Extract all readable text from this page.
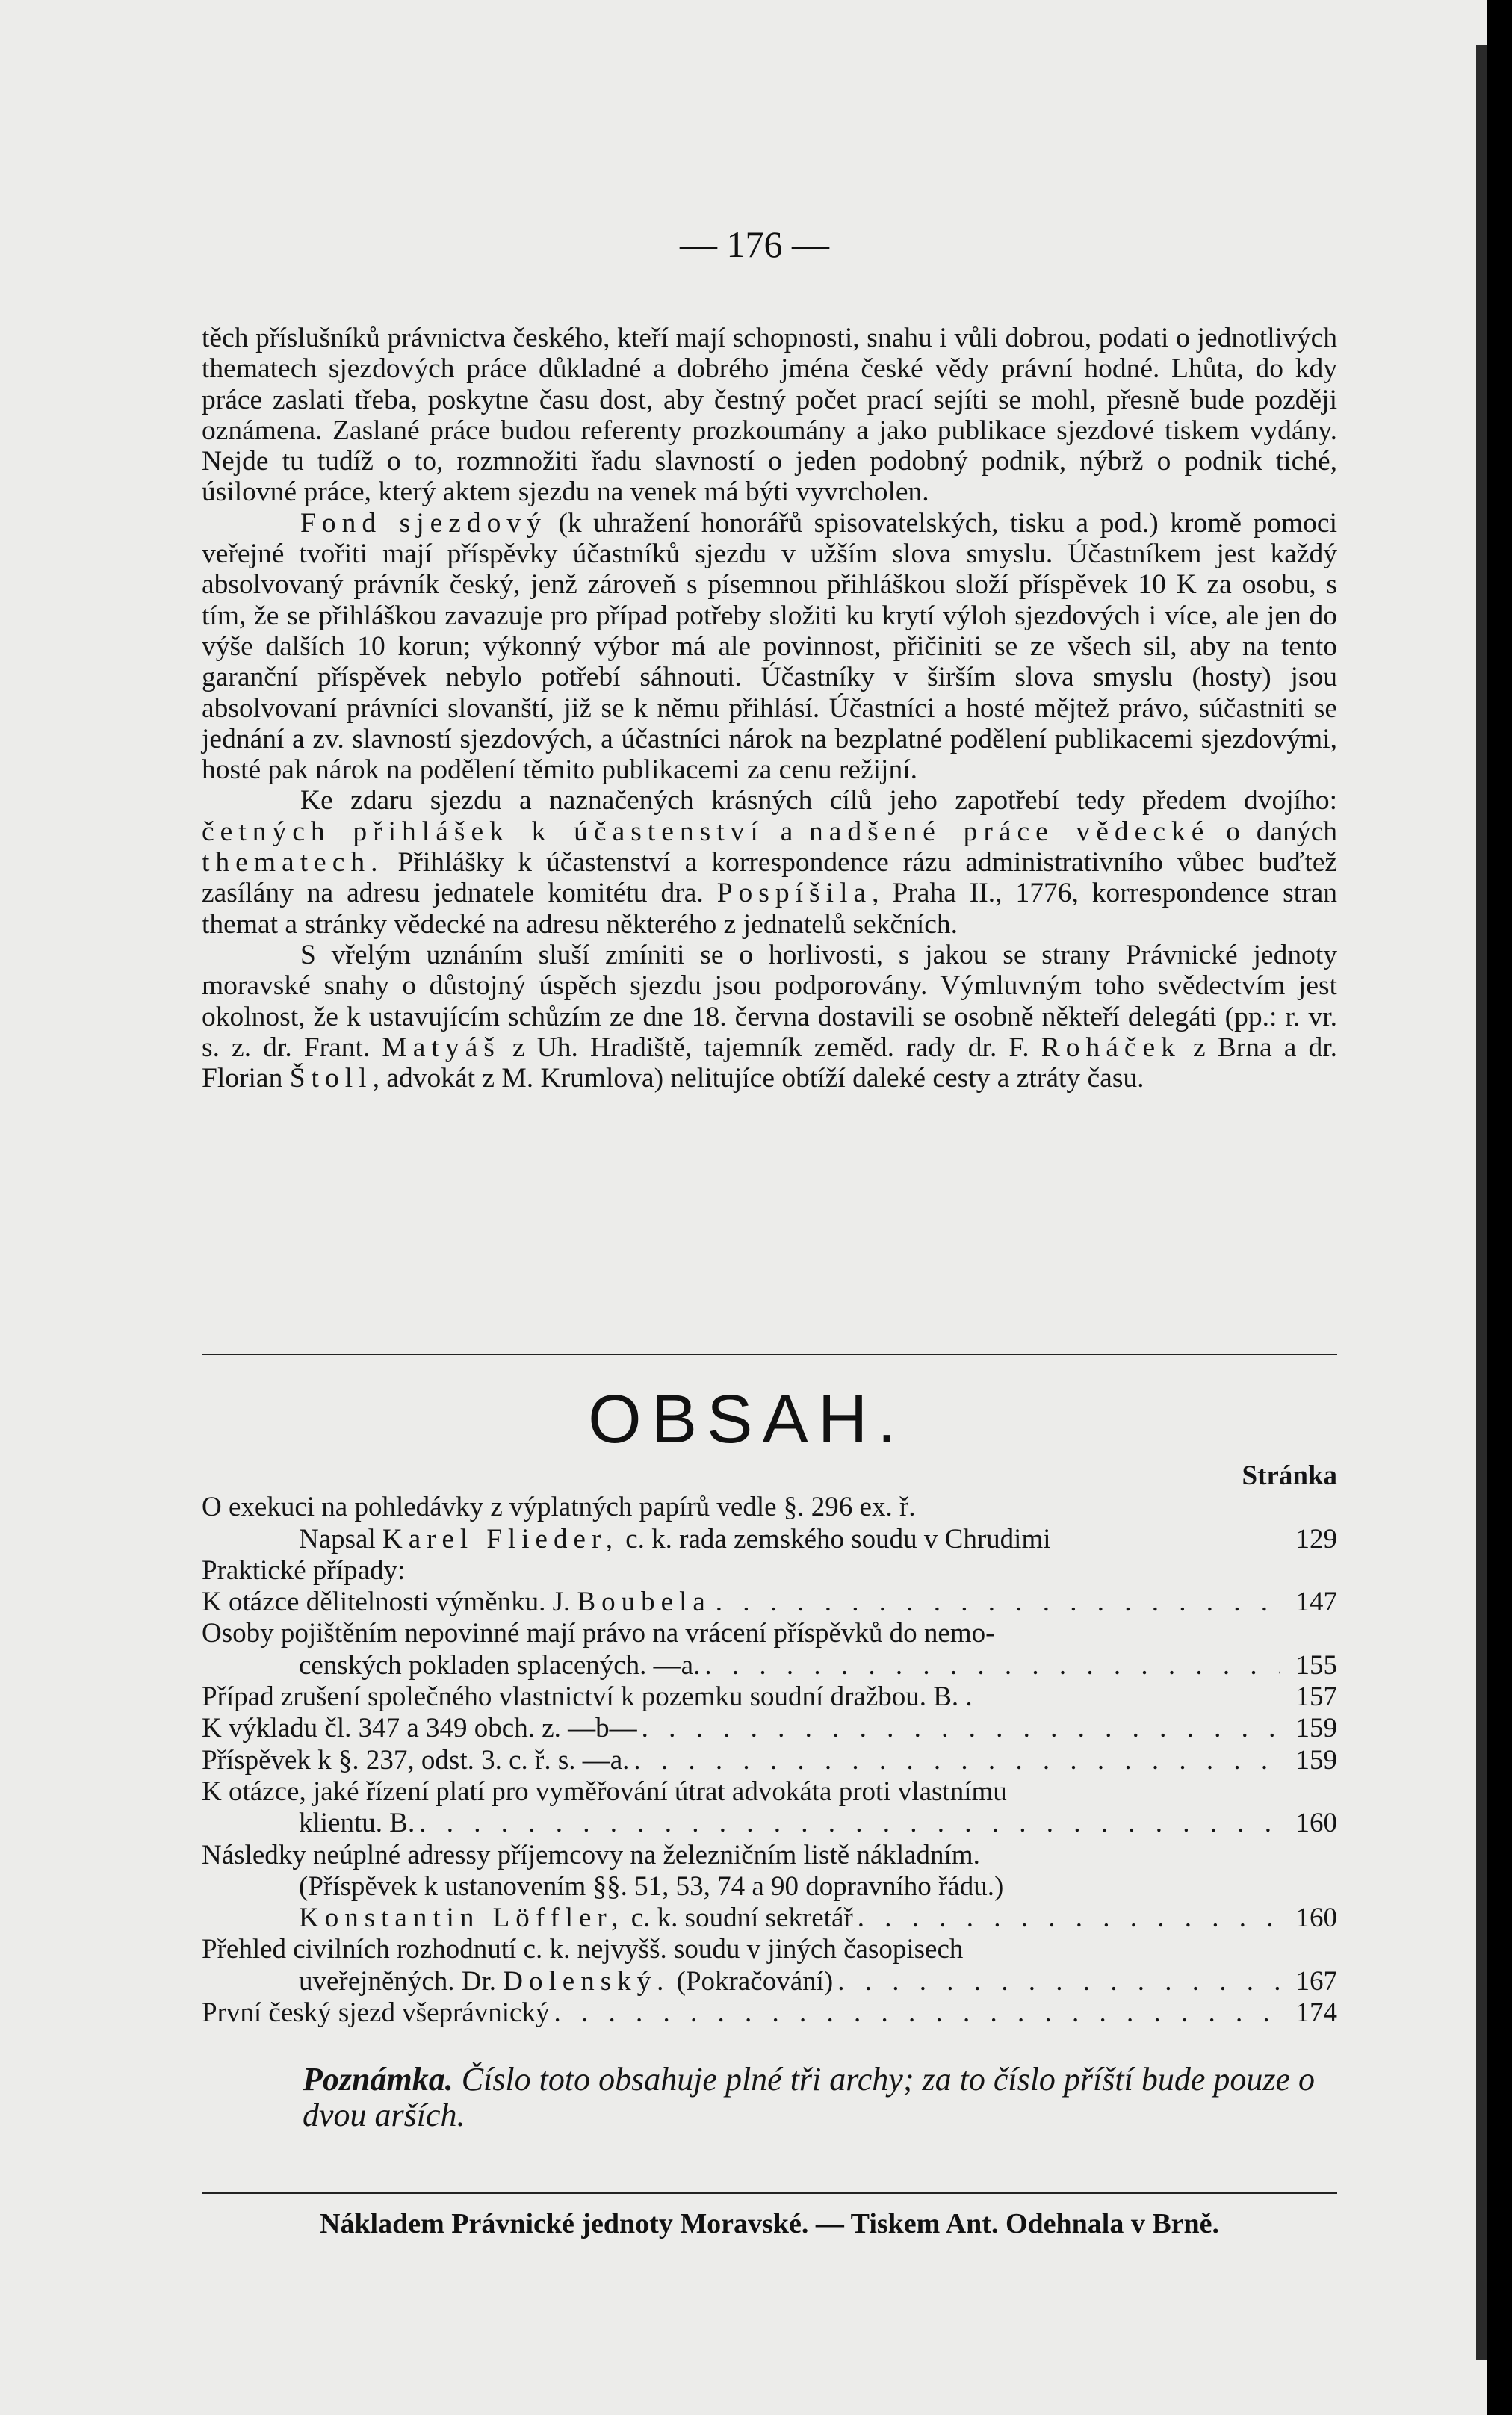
— 176 —

těch příslušníků právnictva českého, kteří mají schopnosti, snahu i vůli dobrou, podati o jednotlivých thematech sjezdových práce důkladné a dobrého jména české vědy právní hodné. Lhůta, do kdy práce zaslati třeba, poskytne času dost, aby čestný počet prací sejíti se mohl, přesně bude později oznámena. Zaslané práce budou referenty prozkoumány a jako publikace sjezdové tiskem vydány. Nejde tu tudíž o to, rozmnožiti řadu slavností o jeden podobný podnik, nýbrž o podnik tiché, úsilovné práce, který aktem sjezdu na venek má býti vyvrcholen.

Fond sjezdový (k uhražení honorářů spisovatelských, tisku a pod.) kromě pomoci veřejné tvořiti mají příspěvky účastníků sjezdu v užším slova smyslu. Účastníkem jest každý absolvovaný právník český, jenž zároveň s písemnou přihláškou složí příspěvek 10 K za osobu, s tím, že se přihláškou zavazuje pro případ potřeby složiti ku krytí výloh sjezdových i více, ale jen do výše dalších 10 korun; výkonný výbor má ale povinnost, přičiniti se ze všech sil, aby na tento garanční příspěvek nebylo potřebí sáhnouti. Účastníky v širším slova smyslu (hosty) jsou absolvovaní právníci slovanští, již se k němu přihlásí. Účastníci a hosté mějtež právo, súčastniti se jednání a zv. slavností sjezdových, a účastníci nárok na bezplatné podělení publikacemi sjezdovými, hosté pak nárok na podělení těmito publikacemi za cenu režijní.

Ke zdaru sjezdu a naznačených krásných cílů jeho zapotřebí tedy předem dvojího: četných přihlášek k účastenství a nadšené práce vědecké o daných thematech. Přihlášky k účastenství a korrespondence rázu administrativního vůbec buďtež zasílány na adresu jednatele komitétu dra. Pospíšila, Praha II., 1776, korrespondence stran themat a stránky vědecké na adresu některého z jednatelů sekčních.

S vřelým uznáním sluší zmíniti se o horlivosti, s jakou se strany Právnické jednoty moravské snahy o důstojný úspěch sjezdu jsou podporovány. Výmluvným toho svědectvím jest okolnost, že k ustavujícím schůzím ze dne 18. června dostavili se osobně někteří delegáti (pp.: r. vr. s. z. dr. Frant. Matyáš z Uh. Hradiště, tajemník zeměd. rady dr. F. Roháček z Brna a dr. Florian Štoll, advokát z M. Krumlova) nelitujíce obtíží daleké cesty a ztráty času.

OBSAH.
Stránka
O exekuci na pohledávky z výplatných papírů vedle §. 296 ex. ř.
Napsal Karel Flieder, c. k. rada zemského soudu v Chrudimi	129
Praktické případy:
K otázce dělitelnosti výměnku. J. Boubela . . .	147
Osoby pojištěním nepovinné mají právo na vrácení příspěvků do nemo-
cenských pokladen splacených. —a. . . .	155
Případ zrušení společného vlastnictví k pozemku soudní dražbou. B. .	157
K výkladu čl. 347 a 349 obch. z. —b— . . .	159
Příspěvek k §. 237, odst. 3. c. ř. s. —a. . . .	159
K otázce, jaké řízení platí pro vyměřování útrat advokáta proti vlastnímu
klientu. B. . . .	160
Následky neúplné adressy příjemcovy na železničním listě nákladním.
(Příspěvek k ustanovením §§. 51, 53, 74 a 90 dopravního řádu.)
Konstantin Löffler, c. k. soudní sekretář . . .	160
Přehled civilních rozhodnutí c. k. nejvyšš. soudu v jiných časopisech
uveřejněných. Dr. Dolenský. (Pokračování) . . .	167
První český sjezd všeprávnický . . .	174
Poznámka. Číslo toto obsahuje plné tři archy; za to číslo příští bude pouze o dvou arších.
Nákladem Právnické jednoty Moravské. — Tiskem Ant. Odehnala v Brně.
